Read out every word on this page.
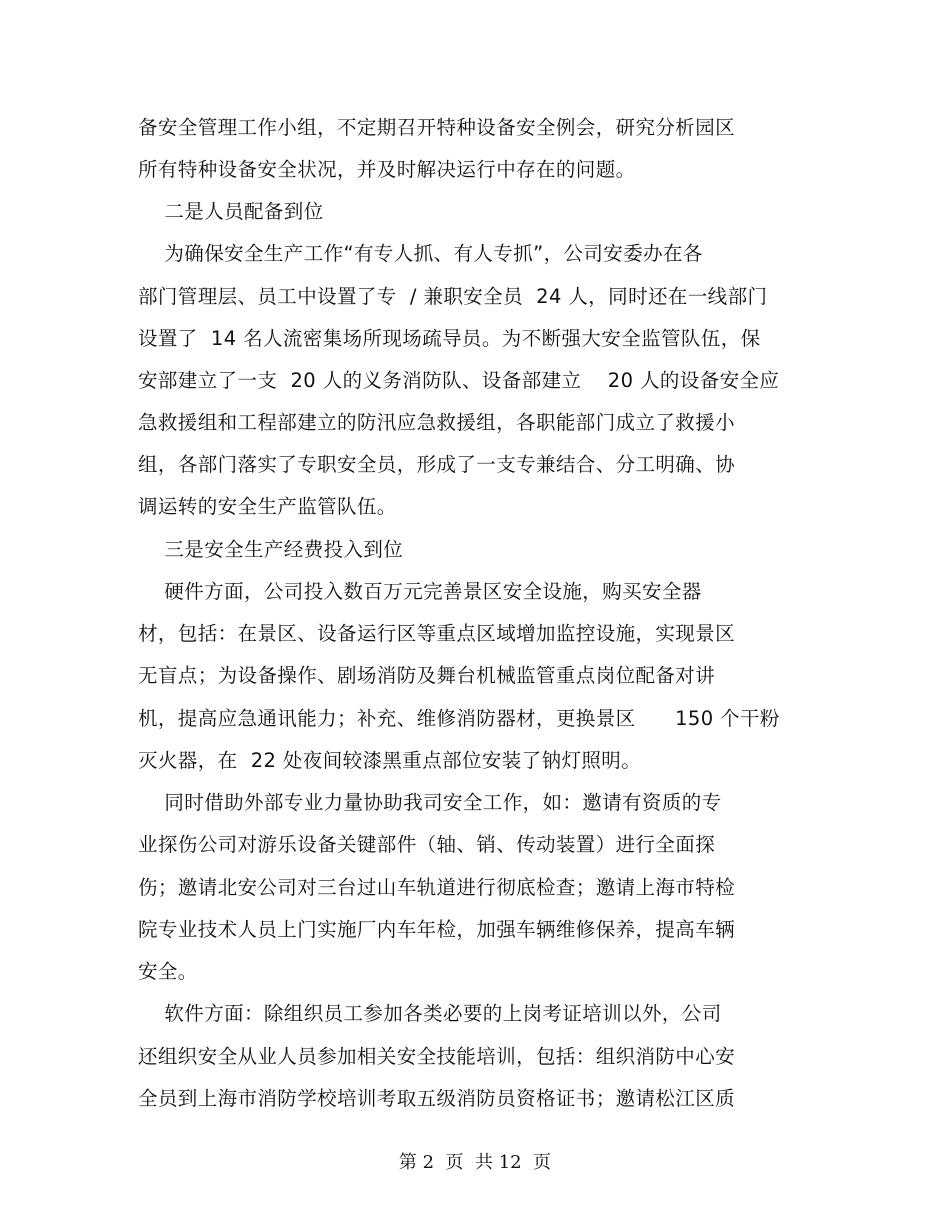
备安全管理工作小组，不定期召开特种设备安全例会，研究分析园区
所有特种设备安全状况，并及时解决运行中存在的问题。
二是人员配备到位
为确保安全生产工作“有专人抓、有人专抓”，公司安委办在各
部门管理层、员工中设置了专  / 兼职安全员  24 人，同时还在一线部门
设置了  14 名人流密集场所现场疏导员。为不断强大安全监管队伍，保
安部建立了一支  20 人的义务消防队、设备部建立    20 人的设备安全应
急救援组和工程部建立的防汛应急救援组，各职能部门成立了救援小
组，各部门落实了专职安全员，形成了一支专兼结合、分工明确、协
调运转的安全生产监管队伍。
三是安全生产经费投入到位
硬件方面，公司投入数百万元完善景区安全设施，购买安全器
材，包括：在景区、设备运行区等重点区域增加监控设施，实现景区
无盲点；为设备操作、剧场消防及舞台机械监管重点岗位配备对讲
机，提高应急通讯能力；补充、维修消防器材，更换景区      150 个干粉
灭火器，在  22 处夜间较漆黑重点部位安装了钠灯照明。
同时借助外部专业力量协助我司安全工作，如：邀请有资质的专
业探伤公司对游乐设备关键部件（轴、销、传动装置）进行全面探
伤；邀请北安公司对三台过山车轨道进行彻底检查；邀请上海市特检
院专业技术人员上门实施厂内车年检，加强车辆维修保养，提高车辆
安全。
软件方面：除组织员工参加各类必要的上岗考证培训以外，公司
还组织安全从业人员参加相关安全技能培训，包括：组织消防中心安
全员到上海市消防学校培训考取五级消防员资格证书；邀请松江区质
第 2  页  共 12  页
